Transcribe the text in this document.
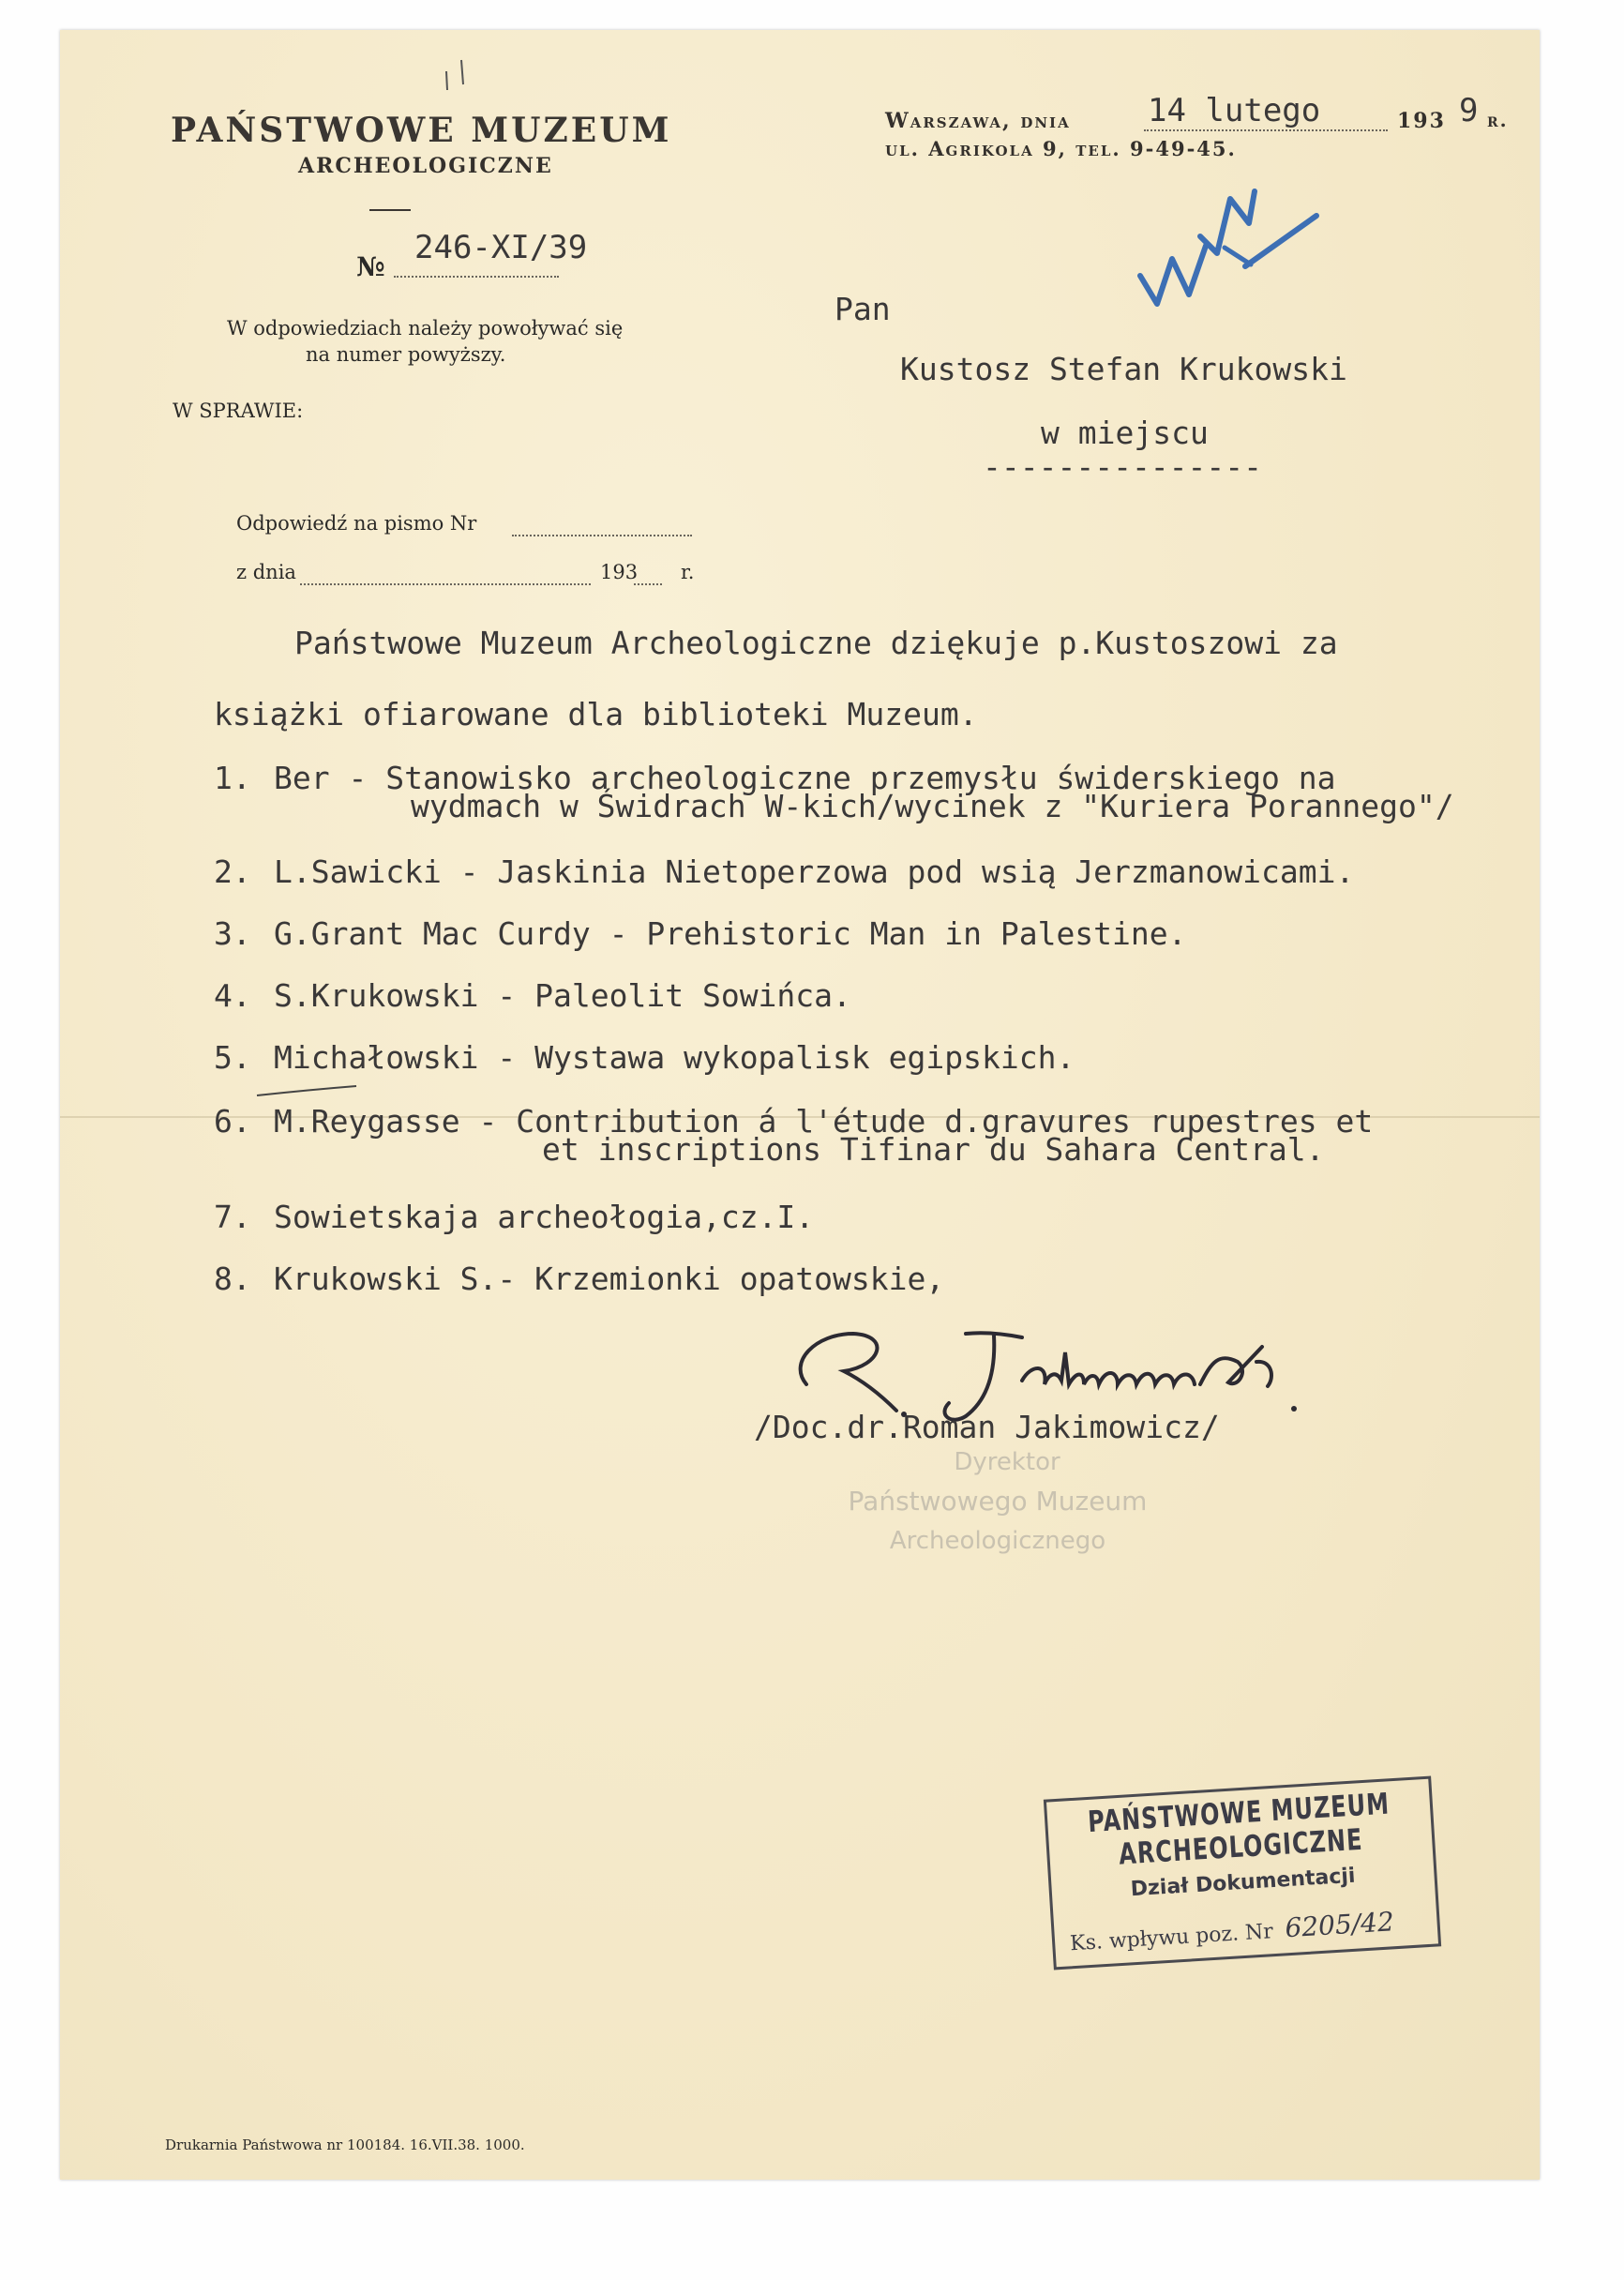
PAŃSTWOWE MUZEUM
ARCHEOLOGICZNE
№
246-XI/39
W odpowiedziach należy powoływać się
na numer powyższy.
W SPRAWIE:
Odpowiedź na pismo Nr
z dnia	193 r.
Warszawa, dnia 14 lutego	193 9 r.
ul. Agrikola 9, tel. 9-49-45.
Pan
Kustosz Stefan Krukowski
w miejscu
---------------
Państwowe Muzeum Archeologiczne dziękuje p.Kustoszowi za
książki ofiarowane dla biblioteki Muzeum.
1. Ber - Stanowisko archeologiczne przemysłu świderskiego na
wydmach w Świdrach W-kich/wycinek z "Kuriera Porannego"/
2. L.Sawicki - Jaskinia Nietoperzowa pod wsią Jerzmanowicami.
3. G.Grant Mac Curdy - Prehistoric Man in Palestine.
4. S.Krukowski - Paleolit Sowińca.
5. Michałowski - Wystawa wykopalisk egipskich.
6. M.Reygasse - Contribution á l'étude d.gravures rupestres et
et inscriptions Tifinar du Sahara Central.
7. Sowietskaja archeołogia,cz.I.
8. Krukowski S.- Krzemionki opatowskie,
/Doc.dr.Roman Jakimowicz/
Dyrektor
Państwowego Muzeum
Archeologicznego
PAŃSTWOWE MUZEUM ARCHEOLOGICZNE
Dział Dokumentacji
Ks. wpływu poz. Nr 6205/42
Drukarnia Państwowa nr 100184. 16.VII.38. 1000.
